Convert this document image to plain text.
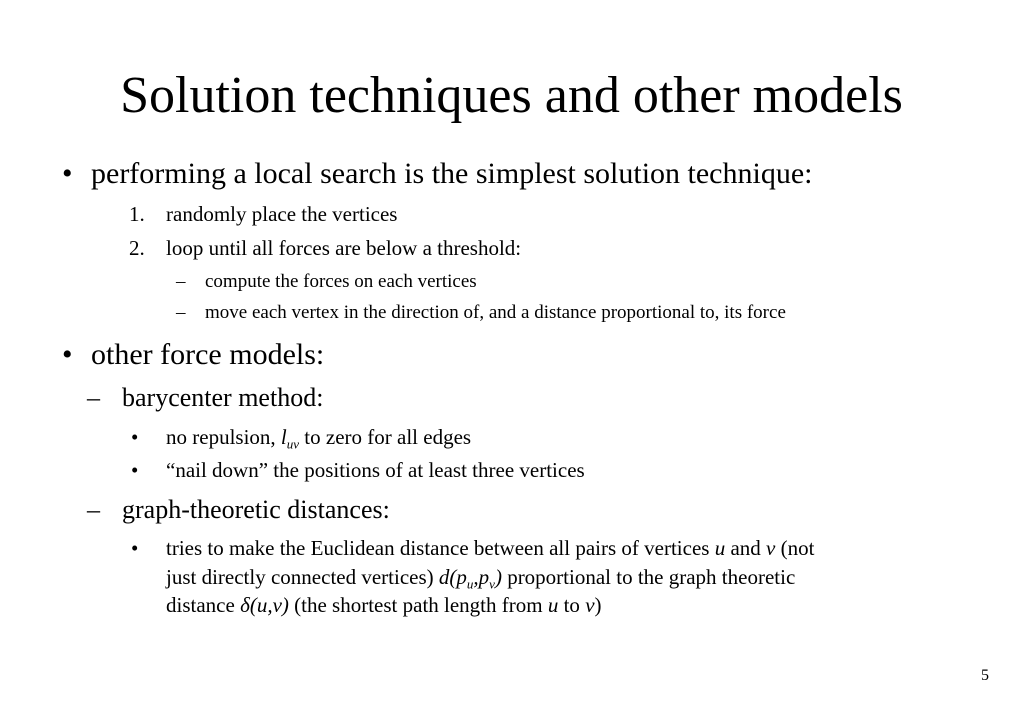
Solution techniques and other models
• performing a local search is the simplest solution technique:
1. randomly place the vertices
2. loop until all forces are below a threshold:
– compute the forces on each vertices
– move each vertex in the direction of, and a distance proportional to, its force
• other force models:
– barycenter method:
• no repulsion, $l_{uv}$ to zero for all edges
• “nail down” the positions of at least three vertices
– graph-theoretic distances:
• tries to make the Euclidean distance between all pairs of vertices u and v (not
just directly connected vertices) $d(p_u,p_v)$ proportional to the graph theoretic
distance δ(u,v) (the shortest path length from u to v)
5
